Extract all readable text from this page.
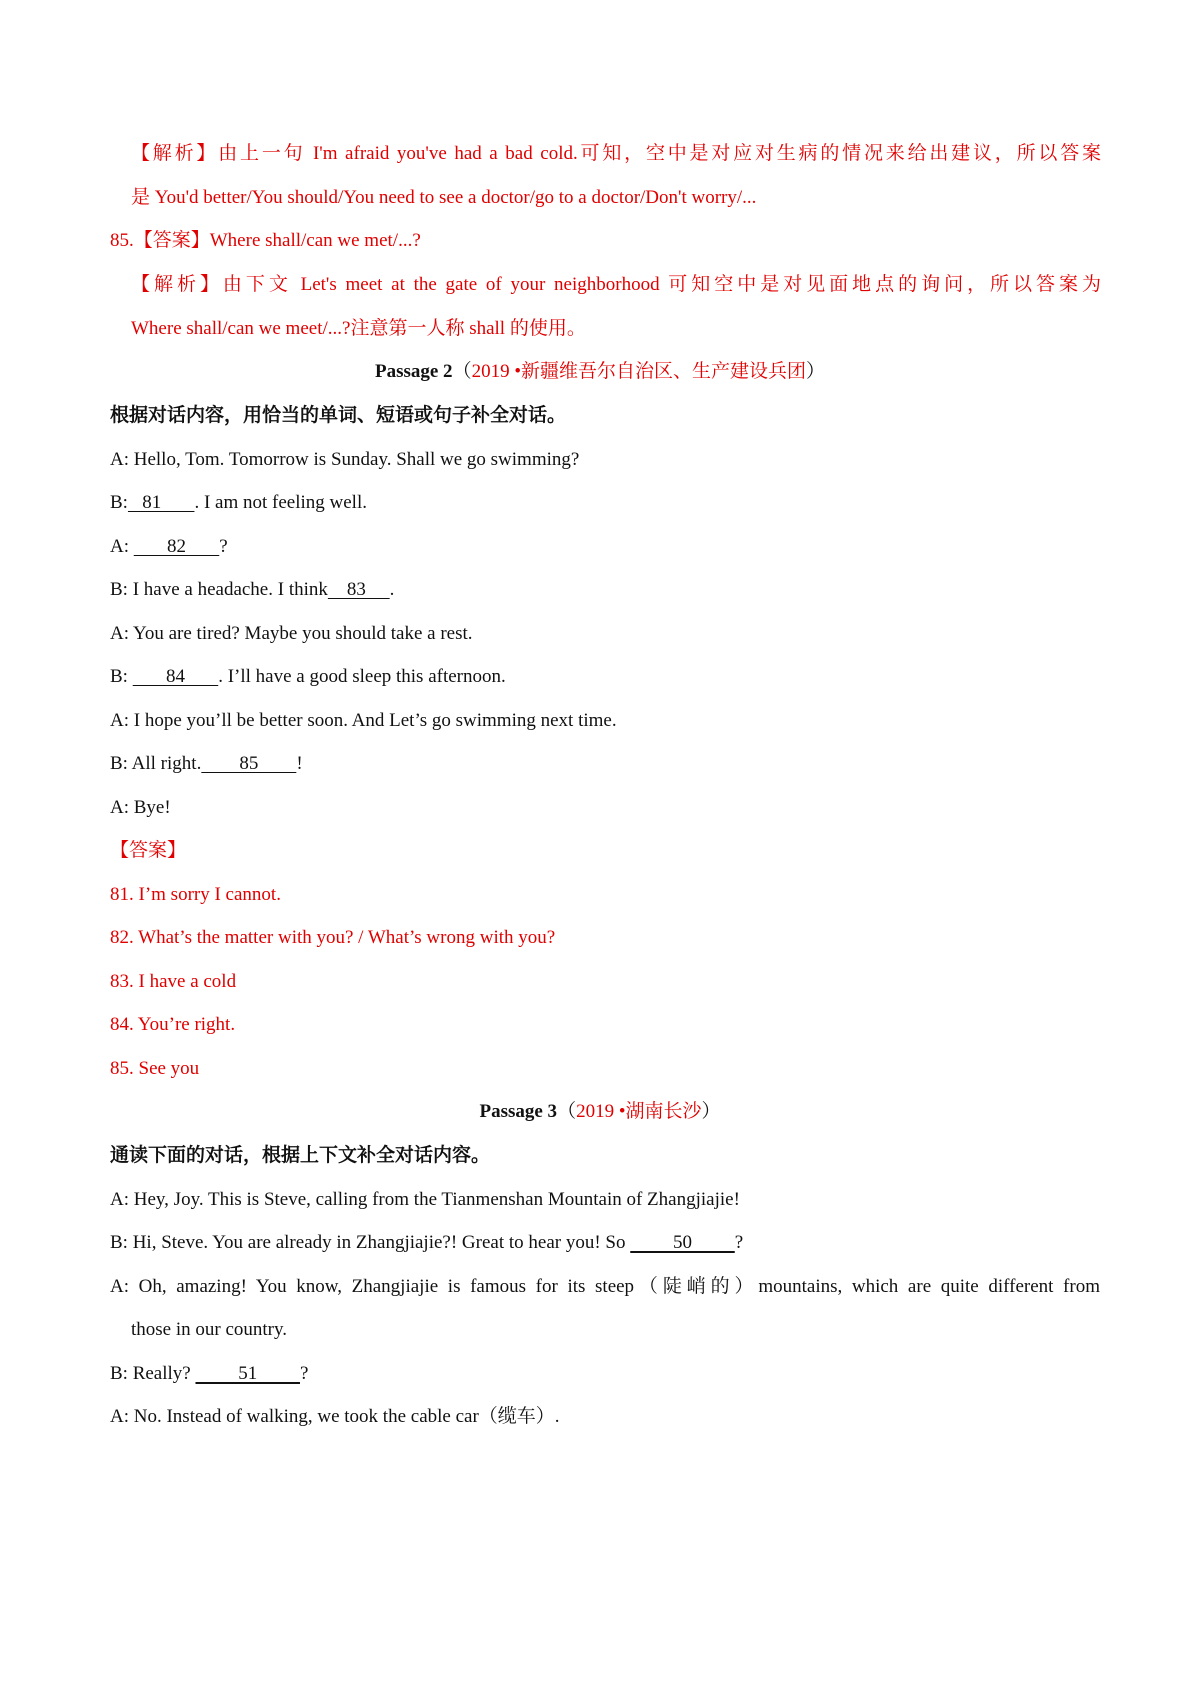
【解析】由上一句 I'm afraid you've had a bad cold.可知，空中是对应对生病的情况来给出建议，所以答案
是 You'd better/You should/You need to see a doctor/go to a doctor/Don't worry/...
85.【答案】Where shall/can we met/...?
【解析】由下文 Let's meet at the gate of your neighborhood 可知空中是对见面地点的询问，所以答案为
Where shall/can we meet/...?注意第一人称 shall 的使用。
Passage 2（2019 •新疆维吾尔自治区、生产建设兵团）
根据对话内容，用恰当的单词、短语或句子补全对话。
A: Hello, Tom. Tomorrow is Sunday. Shall we go swimming?
B:   81       . I am not feeling well.
A:        82       ?
B: I have a headache. I think    83     .
A: You are tired? Maybe you should take a rest.
B:        84       . I’ll have a good sleep this afternoon.
A: I hope you’ll be better soon. And Let’s go swimming next time.
B: All right.        85        !
A: Bye!
【答案】
81. I’m sorry I cannot.
82. What’s the matter with you? / What’s wrong with you?
83. I have a cold
84. You’re right.
85. See you
Passage 3（2019 •湖南长沙）
通读下面的对话，根据上下文补全对话内容。
A: Hey, Joy. This is Steve, calling from the Tianmenshan Mountain of Zhangjiajie!
B: Hi, Steve. You are already in Zhangjiajie?! Great to hear you! So          50         ?
A: Oh, amazing! You know, Zhangjiajie is famous for its steep（陡峭的）mountains, which are quite different from
those in our country.
B: Really?          51         ?
A: No. Instead of walking, we took the cable car（缆车）.
